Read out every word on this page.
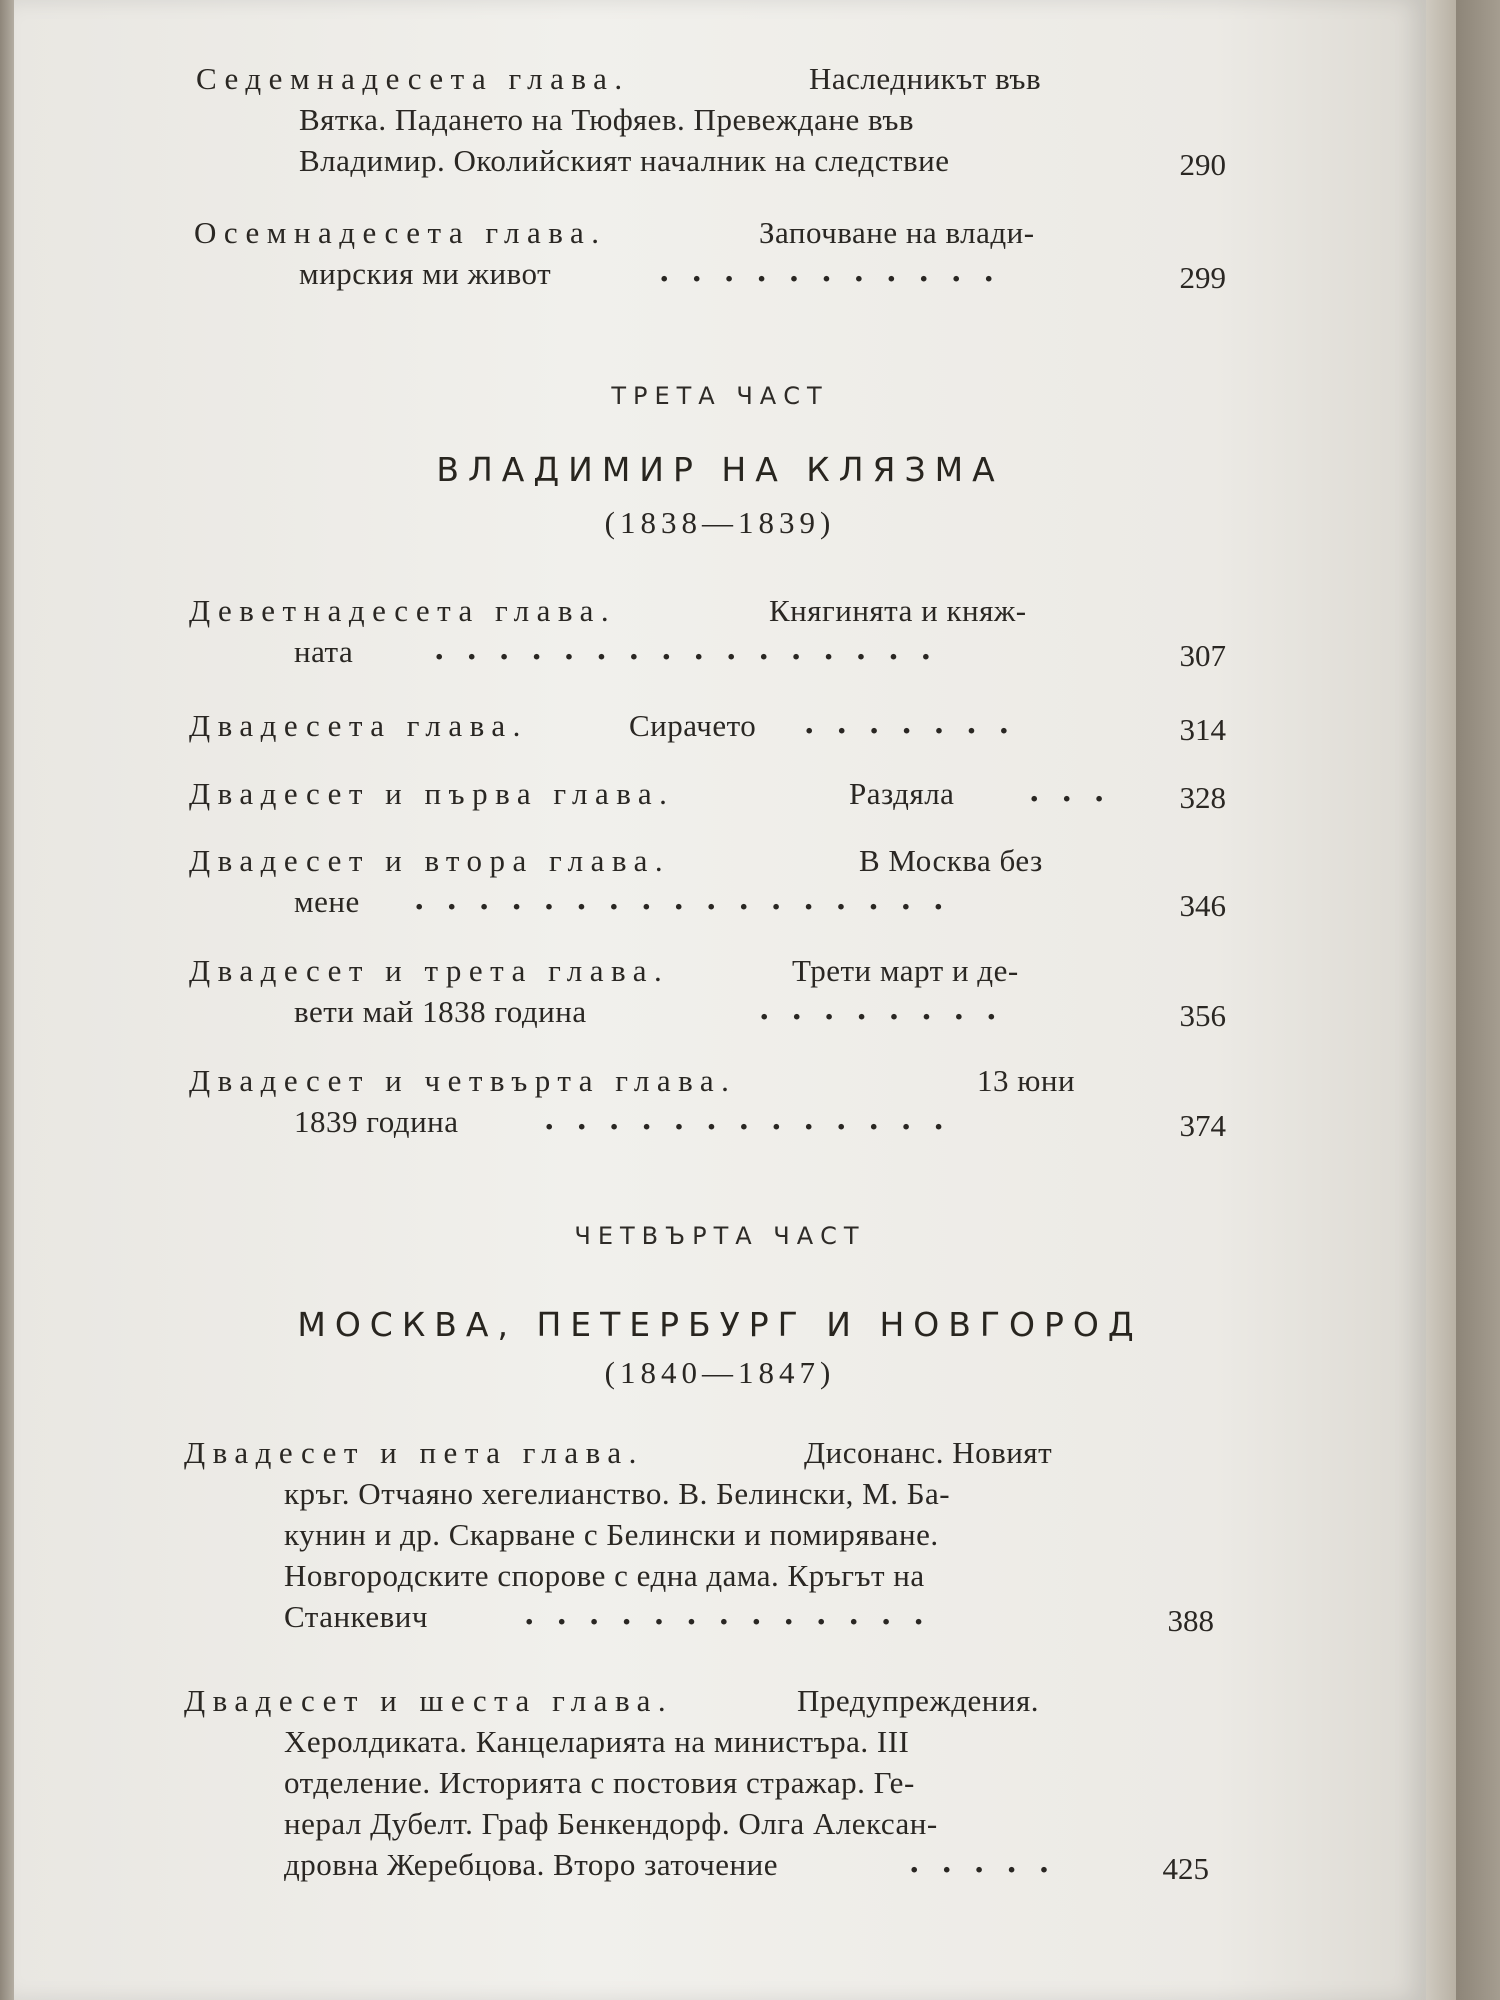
Седемнадесета глава.	Наследникът във
Вятка. Падането на Тюфяев. Превеждане във
Владимир. Околийският началник на следствие	290
Осемнадесета глава.	Започване на влади-
мирския ми живот	...........	299
ТРЕТА ЧАСТ
ВЛАДИМИР НА КЛЯЗМА
(1838—1839)
Деветнадесета глава.	Княгинята и княж-
ната	................	307
Двадесета глава.	Сирачето .......	314
Двадесет и първа глава.	Раздяла ...	328
Двадесет и втора глава.	В Москва без
мене .................	346
Двадесет и трета глава.	Трети март и де-
вети май 1838 година	........	356
Двадесет и четвърта глава.	13 юни
1839 година	.............	374
ЧЕТВЪРТА ЧАСТ
МОСКВА, ПЕТЕРБУРГ И НОВГОРОД
(1840—1847)
Двадесет и пета глава.	Дисонанс. Новият
кръг. Отчаяно хегелианство. В. Белински, М. Ба-
кунин и др. Скарване с Белински и помиряване.
Новгородските спорове с една дама. Кръгът на
Станкевич	.............	388
Двадесет и шеста глава.	Предупреждения.
Херолдиката. Канцеларията на министъра. III
отделение. Историята с постовия стражар. Ге-
нерал Дубелт. Граф Бенкендорф. Олга Алексан-
дровна Жеребцова. Второ заточение	.....	425
